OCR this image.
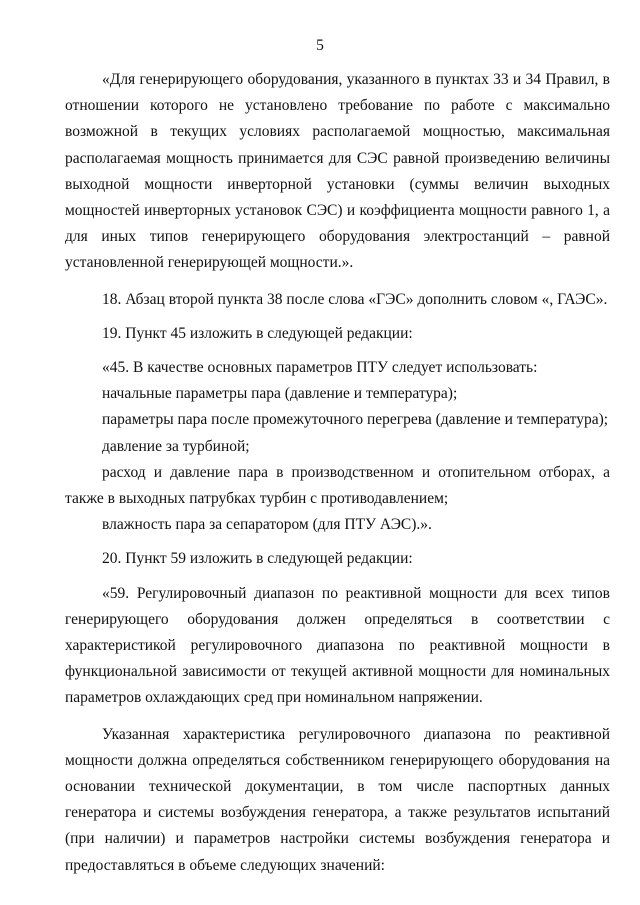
5

«Для генерирующего оборудования, указанного в пунктах 33 и 34 Правил, в отношении которого не установлено требование по работе с максимально возможной в текущих условиях располагаемой мощностью, максимальная располагаемая мощность принимается для СЭС равной произведению величины выходной мощности инверторной установки (суммы величин выходных мощностей инверторных установок СЭС) и коэффициента мощности равного 1, а для иных типов генерирующего оборудования электростанций – равной установленной генерирующей мощности.».

18. Абзац второй пункта 38 после слова «ГЭС» дополнить словом «, ГАЭС».

19. Пункт 45 изложить в следующей редакции:

«45. В качестве основных параметров ПТУ следует использовать:

начальные параметры пара (давление и температура);

параметры пара после промежуточного перегрева (давление и температура);

давление за турбиной;

расход и давление пара в производственном и отопительном отборах, а также в выходных патрубках турбин с противодавлением;

влажность пара за сепаратором (для ПТУ АЭС).».

20. Пункт 59 изложить в следующей редакции:

«59. Регулировочный диапазон по реактивной мощности для всех типов генерирующего оборудования должен определяться в соответствии с характеристикой регулировочного диапазона по реактивной мощности в функциональной зависимости от текущей активной мощности для номинальных параметров охлаждающих сред при номинальном напряжении.

Указанная характеристика регулировочного диапазона по реактивной мощности должна определяться собственником генерирующего оборудования на основании технической документации, в том числе паспортных данных генератора и системы возбуждения генератора, а также результатов испытаний (при наличии) и параметров настройки системы возбуждения генератора и предоставляться в объеме следующих значений:
